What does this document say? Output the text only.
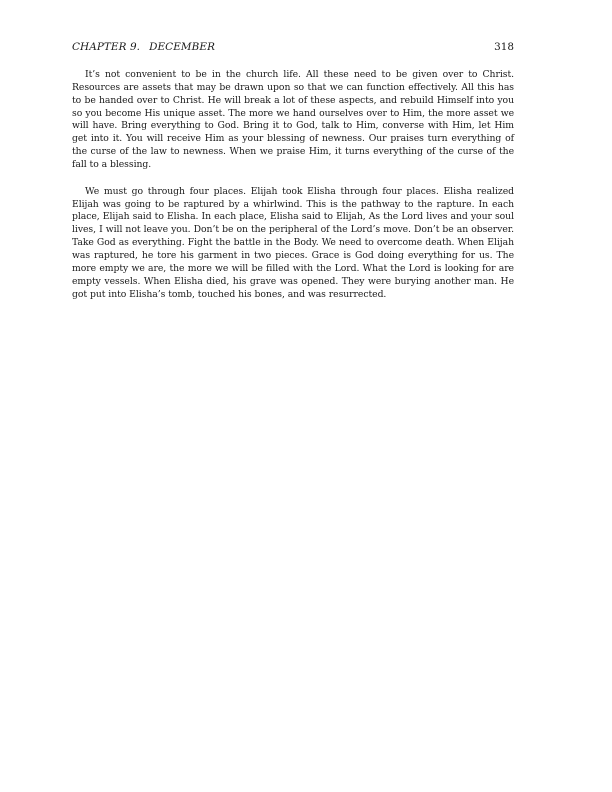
CHAPTER 9. DECEMBER	318

It’s not convenient to be in the church life. All these need to be given over to Christ. Resources are assets that may be drawn upon so that we can function effectively. All this has to be handed over to Christ. He will break a lot of these aspects, and rebuild Himself into you so you become His unique asset. The more we hand ourselves over to Him, the more asset we will have. Bring everything to God. Bring it to God, talk to Him, converse with Him, let Him get into it. You will receive Him as your blessing of newness. Our praises turn everything of the curse of the law to newness. When we praise Him, it turns everything of the curse of the fall to a blessing.

We must go through four places. Elijah took Elisha through four places. Elisha realized Elijah was going to be raptured by a whirlwind. This is the pathway to the rapture. In each place, Elijah said to Elisha. In each place, Elisha said to Elijah, As the Lord lives and your soul lives, I will not leave you. Don’t be on the peripheral of the Lord’s move. Don’t be an observer. Take God as everything. Fight the battle in the Body. We need to overcome death. When Elijah was raptured, he tore his garment in two pieces. Grace is God doing everything for us. The more empty we are, the more we will be filled with the Lord. What the Lord is looking for are empty vessels. When Elisha died, his grave was opened. They were burying another man. He got put into Elisha’s tomb, touched his bones, and was resurrected.
